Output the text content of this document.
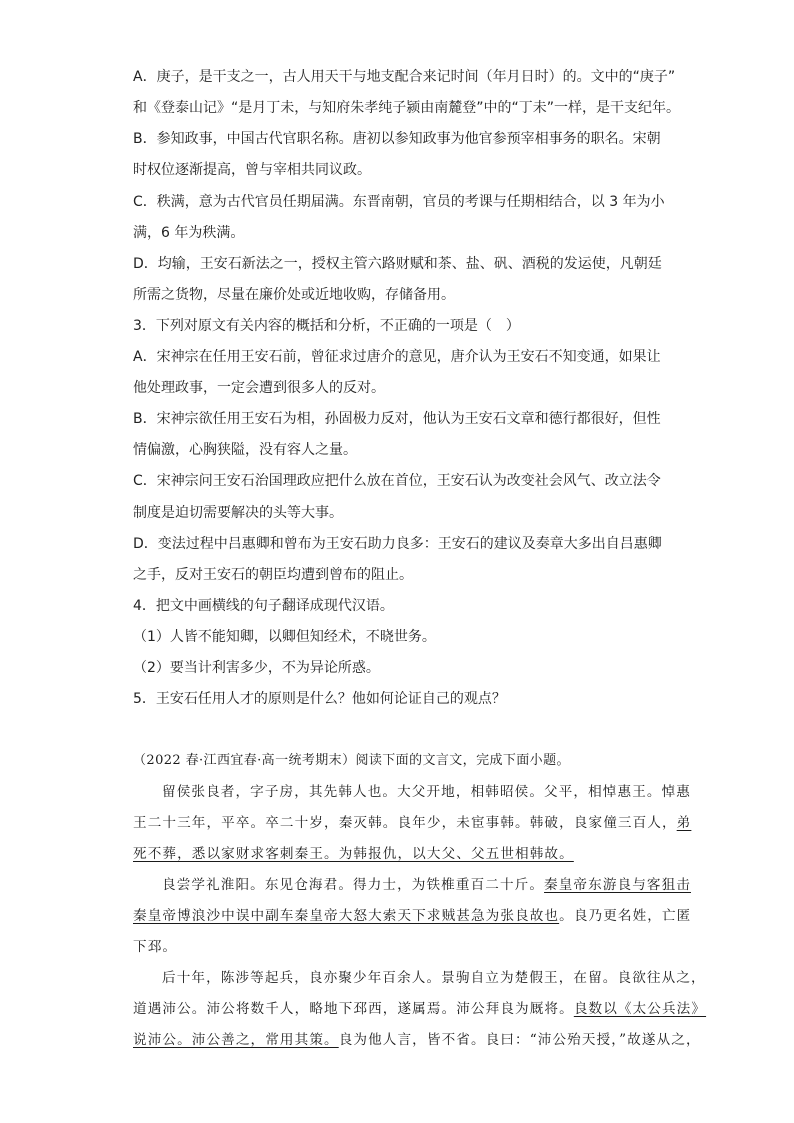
A．庚子，是干支之一，古人用天干与地支配合来记时间（年月日时）的。文中的“庚子”
和《登泰山记》“是月丁未，与知府朱孝纯子颍由南麓登”中的“丁未”一样，是干支纪年。
B．参知政事，中国古代官职名称。唐初以参知政事为他官参预宰相事务的职名。宋朝
时权位逐渐提高，曾与宰相共同议政。
C．秩满，意为古代官员任期届满。东晋南朝，官员的考课与任期相结合，以 3 年为小
满，6 年为秩满。
D．均输，王安石新法之一，授权主管六路财赋和茶、盐、矾、酒税的发运使，凡朝廷
所需之货物，尽量在廉价处或近地收购，存储备用。
3．下列对原文有关内容的概括和分析，不正确的一项是（　）
A．宋神宗在任用王安石前，曾征求过唐介的意见，唐介认为王安石不知变通，如果让
他处理政事，一定会遭到很多人的反对。
B．宋神宗欲任用王安石为相，孙固极力反对，他认为王安石文章和德行都很好，但性
情偏激，心胸狭隘，没有容人之量。
C．宋神宗问王安石治国理政应把什么放在首位，王安石认为改变社会风气、改立法令
制度是迫切需要解决的头等大事。
D．变法过程中吕惠卿和曾布为王安石助力良多：王安石的建议及奏章大多出自吕惠卿
之手，反对王安石的朝臣均遭到曾布的阻止。
4．把文中画横线的句子翻译成现代汉语。
（1）人皆不能知卿，以卿但知经术，不晓世务。
（2）要当计利害多少，不为异论所惑。
5．王安石任用人才的原则是什么？他如何论证自己的观点？
（2022 春·江西宜春·高一统考期末）阅读下面的文言文，完成下面小题。
留侯张良者，字子房，其先韩人也。大父开地，相韩昭侯。父平，相悼惠王。悼惠
王二十三年，平卒。卒二十岁，秦灭韩。良年少，未宦事韩。韩破，良家僮三百人，弟
死不葬，悉以家财求客刺秦王。为韩报仇，以大父、父五世相韩故。
良尝学礼淮阳。东见仓海君。得力士，为铁椎重百二十斤。秦皇帝东游良与客狙击
秦皇帝博浪沙中误中副车秦皇帝大怒大索天下求贼甚急为张良故也。良乃更名姓，亡匿
下邳。
后十年，陈涉等起兵，良亦聚少年百余人。景驹自立为楚假王，在留。良欲往从之，
道遇沛公。沛公将数千人，略地下邳西，遂属焉。沛公拜良为厩将。良数以《太公兵法》
说沛公。沛公善之，常用其策。良为他人言，皆不省。良曰：“沛公殆天授，”故遂从之，
